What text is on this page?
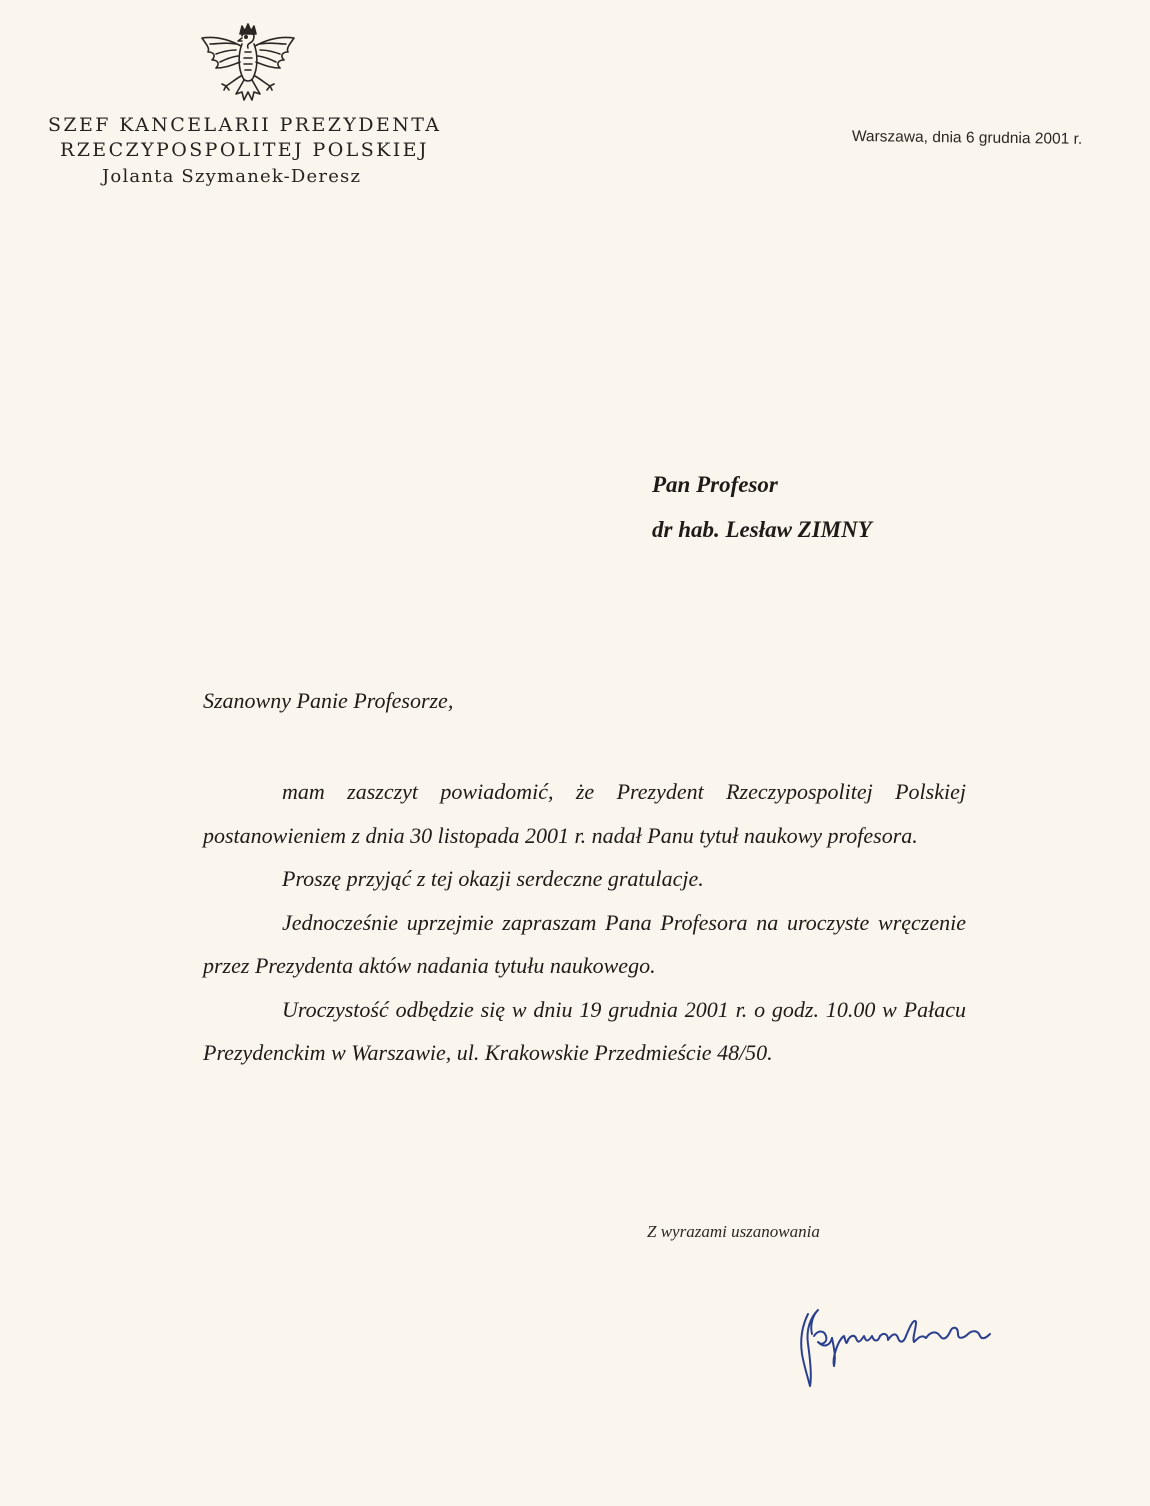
SZEF KANCELARII PREZYDENTA
RZECZYPOSPOLITEJ POLSKIEJ
Jolanta Szymanek-Deresz
Warszawa, dnia 6 grudnia 2001 r.
Pan Profesor
dr hab. Lesław ZIMNY
Szanowny Panie Profesorze,

mam zaszczyt powiadomić, że Prezydent Rzeczypospolitej Polskiej postanowieniem z dnia 30 listopada 2001 r. nadał Panu tytuł naukowy profesora.

Proszę przyjąć z tej okazji serdeczne gratulacje.

Jednocześnie uprzejmie zapraszam Pana Profesora na uroczyste wręczenie przez Prezydenta aktów nadania tytułu naukowego.

Uroczystość odbędzie się w dniu 19 grudnia 2001 r. o godz. 10.00 w Pałacu Prezydenckim w Warszawie, ul. Krakowskie Przedmieście 48/50.

Z wyrazami uszanowania
